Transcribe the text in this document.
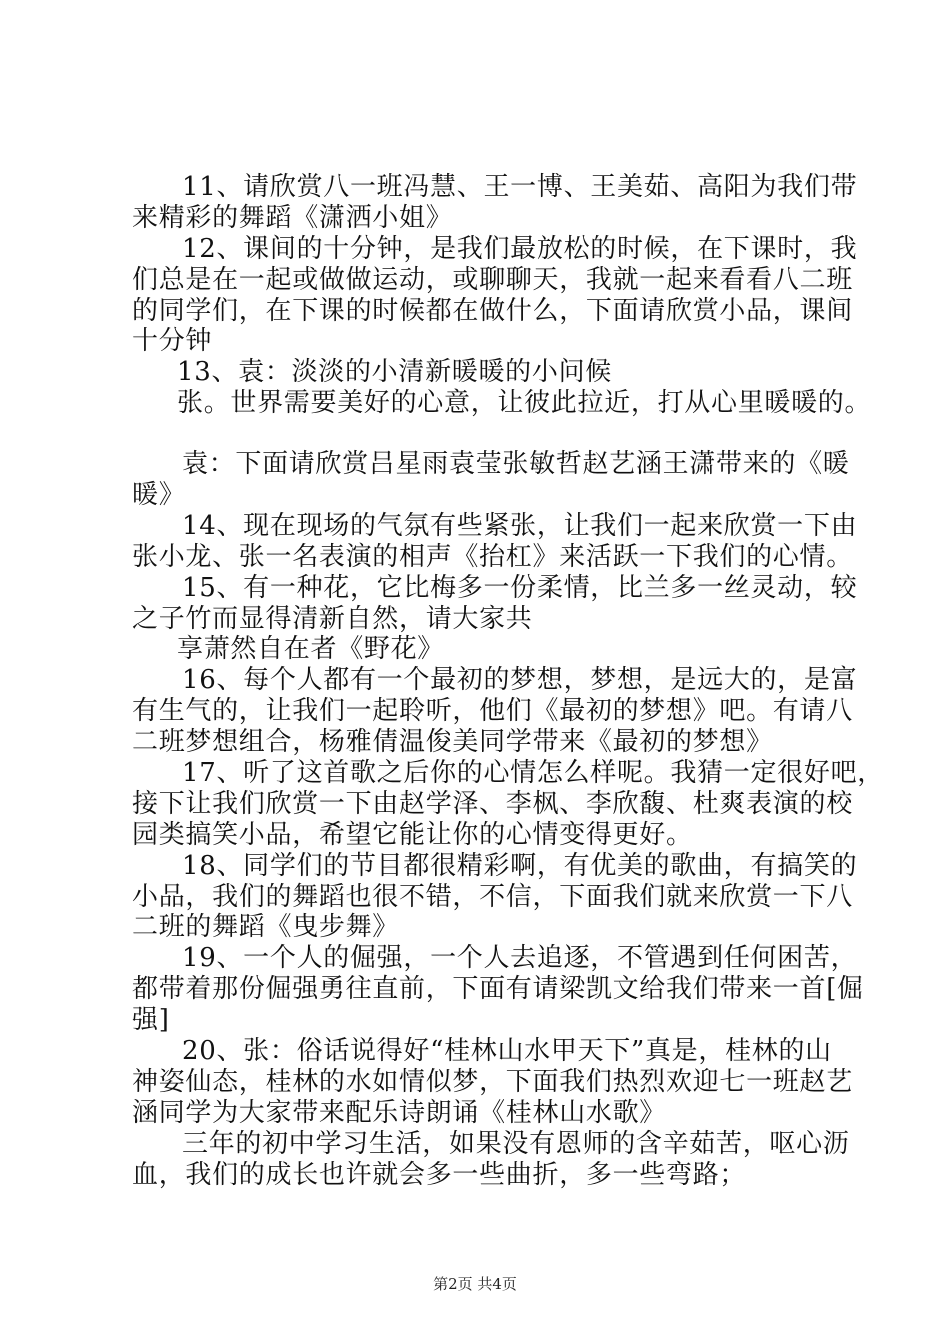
11、请欣赏八一班冯慧、王一博、王美茹、高阳为我们带
来精彩的舞蹈《潇洒小姐》
12、课间的十分钟，是我们最放松的时候，在下课时，我
们总是在一起或做做运动，或聊聊天，我就一起来看看八二班
的同学们，在下课的时候都在做什么，下面请欣赏小品，课间
十分钟
13、袁：淡淡的小清新暖暖的小问候
张。世界需要美好的心意，让彼此拉近，打从心里暖暖的。
袁：下面请欣赏吕星雨袁莹张敏哲赵艺涵王潇带来的《暖
暖》
14、现在现场的气氛有些紧张，让我们一起来欣赏一下由
张小龙、张一名表演的相声《抬杠》来活跃一下我们的心情。
15、有一种花，它比梅多一份柔情，比兰多一丝灵动，较
之子竹而显得清新自然，请大家共
享萧然自在者《野花》
16、每个人都有一个最初的梦想，梦想，是远大的，是富
有生气的，让我们一起聆听，他们《最初的梦想》吧。有请八
二班梦想组合，杨雅倩温俊美同学带来《最初的梦想》
17、听了这首歌之后你的心情怎么样呢。我猜一定很好吧，
接下让我们欣赏一下由赵学泽、李枫、李欣馥、杜爽表演的校
园类搞笑小品，希望它能让你的心情变得更好。
18、同学们的节目都很精彩啊，有优美的歌曲，有搞笑的
小品，我们的舞蹈也很不错，不信，下面我们就来欣赏一下八
二班的舞蹈《曳步舞》
19、一个人的倔强，一个人去追逐，不管遇到任何困苦，
都带着那份倔强勇往直前，下面有请梁凯文给我们带来一首[倔
强]
20、张：俗话说得好“桂林山水甲天下”真是，桂林的山
神姿仙态，桂林的水如情似梦，下面我们热烈欢迎七一班赵艺
涵同学为大家带来配乐诗朗诵《桂林山水歌》
三年的初中学习生活，如果没有恩师的含辛茹苦，呕心沥
血，我们的成长也许就会多一些曲折，多一些弯路；
第2页 共4页
